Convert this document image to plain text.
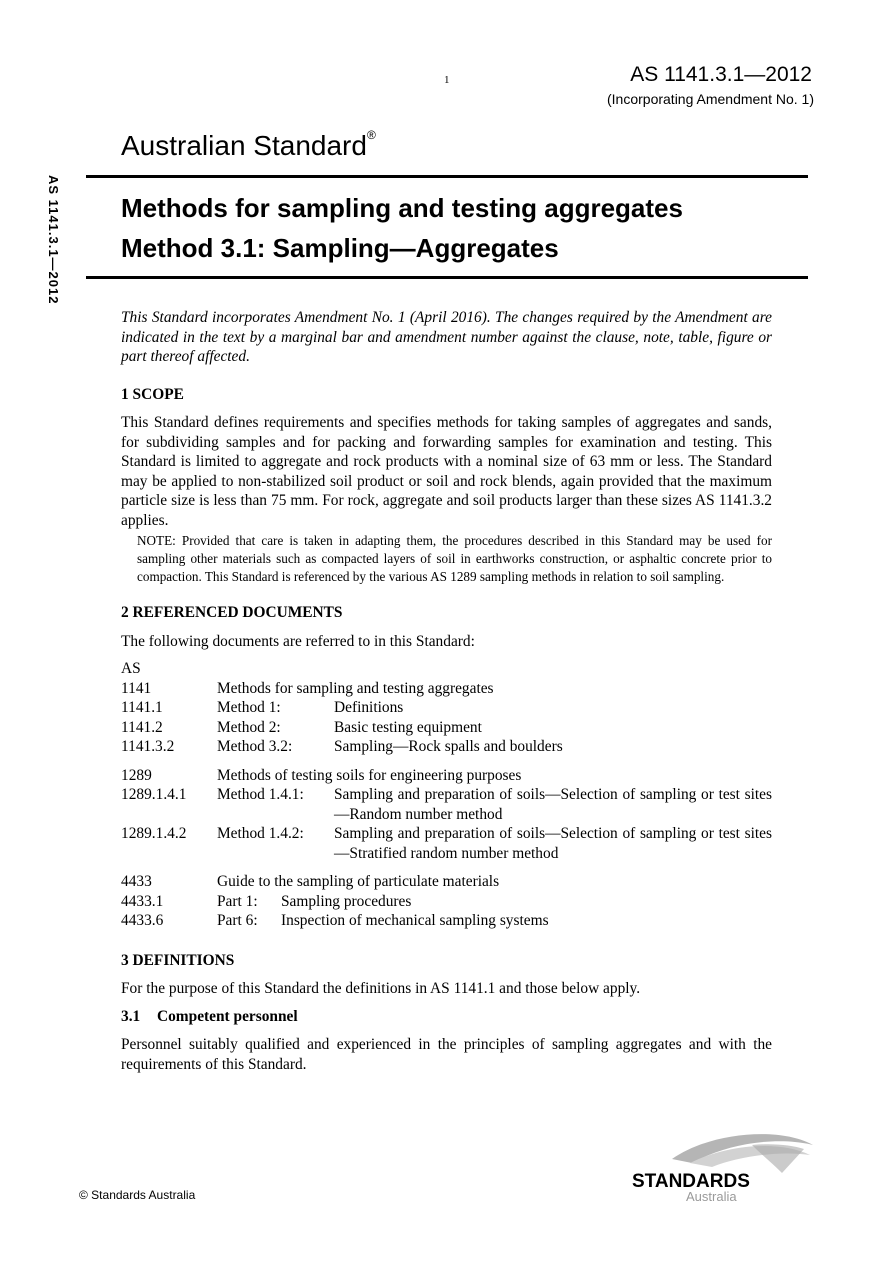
1	AS 1141.3.1—2012
(Incorporating Amendment No. 1)
AS 1141.3.1—2012
Australian Standard®
Methods for sampling and testing aggregates
Method 3.1: Sampling—Aggregates

This Standard incorporates Amendment No. 1 (April 2016). The changes required by the Amendment are indicated in the text by a marginal bar and amendment number against the clause, note, table, figure or part thereof affected.

1 SCOPE

This Standard defines requirements and specifies methods for taking samples of aggregates and sands, for subdividing samples and for packing and forwarding samples for examination and testing. This Standard is limited to aggregate and rock products with a nominal size of 63 mm or less. The Standard may be applied to non-stabilized soil product or soil and rock blends, again provided that the maximum particle size is less than 75 mm. For rock, aggregate and soil products larger than these sizes AS 1141.3.2 applies.

NOTE: Provided that care is taken in adapting them, the procedures described in this Standard may be used for sampling other materials such as compacted layers of soil in earthworks construction, or asphaltic concrete prior to compaction. This Standard is referenced by the various AS 1289 sampling methods in relation to soil sampling.

2 REFERENCED DOCUMENTS

The following documents are referred to in this Standard:

AS
1141	Methods for sampling and testing aggregates
1141.1	Method 1:	Definitions
1141.2	Method 2:	Basic testing equipment
1141.3.2	Method 3.2:	Sampling—Rock spalls and boulders
1289	Methods of testing soils for engineering purposes
1289.1.4.1	Method 1.4.1:	Sampling and preparation of soils—Selection of sampling or test sites—Random number method
1289.1.4.2	Method 1.4.2:	Sampling and preparation of soils—Selection of sampling or test sites—Stratified random number method
4433	Guide to the sampling of particulate materials
4433.1	Part 1:	Sampling procedures
4433.6	Part 6:	Inspection of mechanical sampling systems
3 DEFINITIONS

For the purpose of this Standard the definitions in AS 1141.1 and those below apply.

3.1 Competent personnel

Personnel suitably qualified and experienced in the principles of sampling aggregates and with the requirements of this Standard.

© Standards Australia
STANDARDS
Australia
